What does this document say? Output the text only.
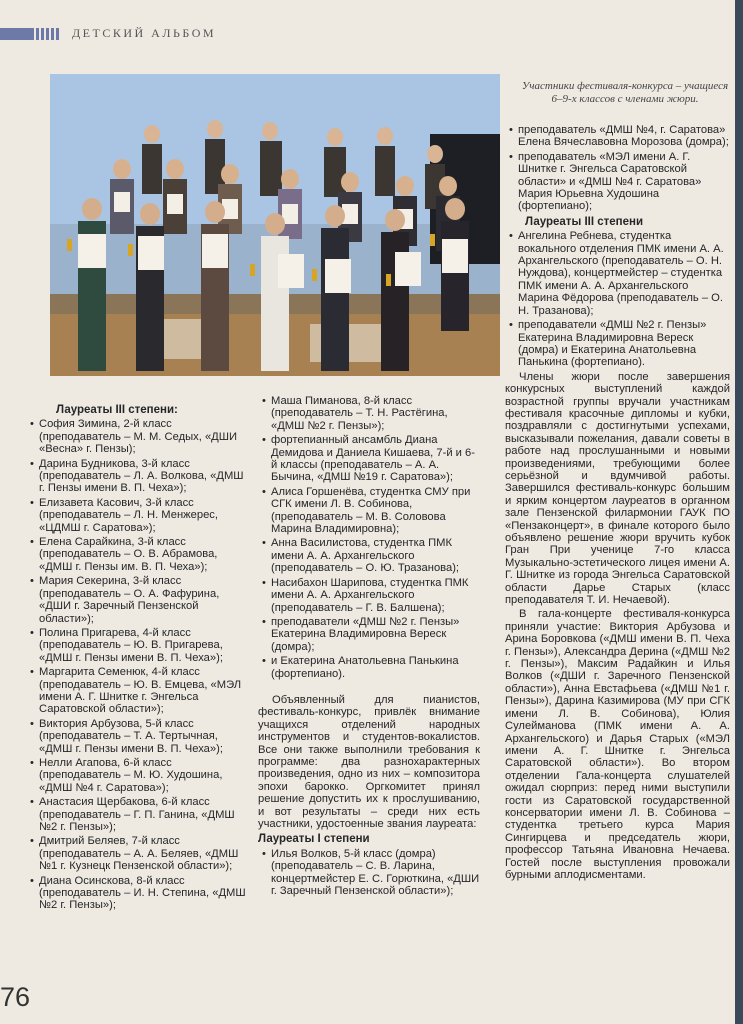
ДЕТСКИЙ АЛЬБОМ
Участники фестиваля-конкурса – учащиеся
6–9-х классов с членами жюри.
Лауреаты III степени:

• София Зимина, 2-й класс (преподаватель – М. М. Седых, «ДШИ «Весна» г. Пензы);

• Дарина Будникова, 3-й класс (преподаватель – Л. А. Волкова, «ДМШ г. Пензы имени В. П. Чеха»);

• Елизавета Касович, 3-й класс (преподаватель – Л. Н. Менжерес, «ЦДМШ г. Саратова»);

• Елена Сарайкина, 3-й класс (преподаватель – О. В. Абрамова, «ДМШ г. Пензы им. В. П. Чеха»);

• Мария Секерина, 3-й класс (преподаватель – О. А. Фафурина, «ДШИ г. Заречный Пензенской области»);

• Полина Пригарева, 4-й класс (преподаватель – Ю. В. Пригарева, «ДМШ г. Пензы имени В. П. Чеха»);

• Маргарита Семенюк, 4-й класс (преподаватель – Ю. В. Емцева, «МЭЛ имени А. Г. Шнитке г. Энгельса Саратовской области»);

• Виктория Арбузова, 5-й класс (преподаватель – Т. А. Тертычная, «ДМШ г. Пензы имени В. П. Чеха»);

• Нелли Агапова, 6-й класс (преподаватель – М. Ю. Худошина, «ДМШ №4 г. Саратова»);

• Анастасия Щербакова, 6-й класс (преподаватель – Г. П. Ганина, «ДМШ №2 г. Пензы»);

• Дмитрий Беляев, 7-й класс (преподаватель – А. А. Беляев, «ДМШ №1 г. Кузнецк Пензенской области»);

• Диана Осинскова, 8-й класс (преподаватель – И. Н. Степина, «ДМШ №2 г. Пензы»);

• Маша Пиманова, 8-й класс (преподаватель – Т. Н. Растёгина, «ДМШ №2 г. Пензы»);

• фортепианный ансамбль Диана Демидова и Даниела Кишаева, 7-й и 6-й классы (преподаватель – А. А. Бычина, «ДМШ №19 г. Саратова»);

• Алиса Горшенёва, студентка СМУ при СГК имени Л. В. Собинова, (преподаватель – М. В. Соловова Марина Владимировна);

• Анна Василистова, студентка ПМК имени А. А. Архангельского (преподаватель – О. Ю. Тразанова);

• Насибахон Шарипова, студентка ПМК имени А. А. Архангельского (преподаватель – Г. В. Балшена);

• преподаватели «ДМШ №2 г. Пензы» Екатерина Владимировна Вереск (домра);

• и Екатерина Анатольевна Панькина (фортепиано).

Объявленный для пианистов, фестиваль-конкурс, привлёк внимание учащихся отделений народных инструментов и студентов-вокалистов. Все они также выполнили требования к программе: два разнохарактерных произведения, одно из них – композитора эпохи барокко. Оргкомитет принял решение допустить их к прослушиванию, и вот результаты – среди них есть участники, удостоенные звания лауреата:

Лауреаты I степени

• Илья Волков, 5-й класс (домра) (преподаватель – С. В. Ларина, концертмейстер Е. С. Горюткина, «ДШИ г. Заречный Пензенской области»);

• преподаватель «ДМШ №4, г. Саратова» Елена Вячеславовна Морозова (домра);

• преподаватель «МЭЛ имени А. Г. Шнитке г. Энгельса Саратовской области» и «ДМШ №4 г. Саратова» Мария Юрьевна Худошина (фортепиано);

Лауреаты III степени

• Ангелина Ребнева, студентка вокального отделения ПМК имени А. А. Архангельского (преподаватель – О. Н. Нуждова), концертмейстер – студентка ПМК имени А. А. Архангельского Марина Фёдорова (преподаватель – О. Н. Тразанова);

• преподаватели «ДМШ №2 г. Пензы» Екатерина Владимировна Вереск (домра) и Екатерина Анатольевна Панькина (фортепиано).

Члены жюри после завершения конкурсных выступлений каждой возрастной группы вручали участникам фестиваля красочные дипломы и кубки, поздравляли с достигнутыми успехами, высказывали пожелания, давали советы в работе над прослушанными и новыми произведениями, требующими более серьёзной и вдумчивой работы. Завершился фестиваль-конкурс большим и ярким концертом лауреатов в органном зале Пензенской филармонии ГАУК ПО «Пензаконцерт», в финале которого было объявлено решение жюри вручить кубок Гран При ученице 7-го класса Музыкально-эстетического лицея имени А. Г. Шнитке из города Энгельса Саратовской области Дарье Старых (класс преподавателя Т. И. Нечаевой).

В гала-концерте фестиваля-конкурса приняли участие: Виктория Арбузова и Арина Боровкова («ДМШ имени В. П. Чеха г. Пензы»), Александра Дерина («ДМШ №2 г. Пензы»), Максим Радайкин и Илья Волков («ДШИ г. Заречного Пензенской области»), Анна Евстафьева («ДМШ №1 г. Пензы»), Дарина Казимирова (МУ при СГК имени Л. В. Собинова), Юлия Сулейманова (ПМК имени А. А. Архангельского) и Дарья Старых («МЭЛ имени А. Г. Шнитке г. Энгельса Саратовской области»). Во втором отделении Гала-концерта слушателей ожидал сюрприз: перед ними выступили гости из Саратовской государственной консерватории имени Л. В. Собинова – студентка третьего курса Мария Сингирцева и председатель жюри, профессор Татьяна Ивановна Нечаева. Гостей после выступления провожали бурными аплодисментами.

76
